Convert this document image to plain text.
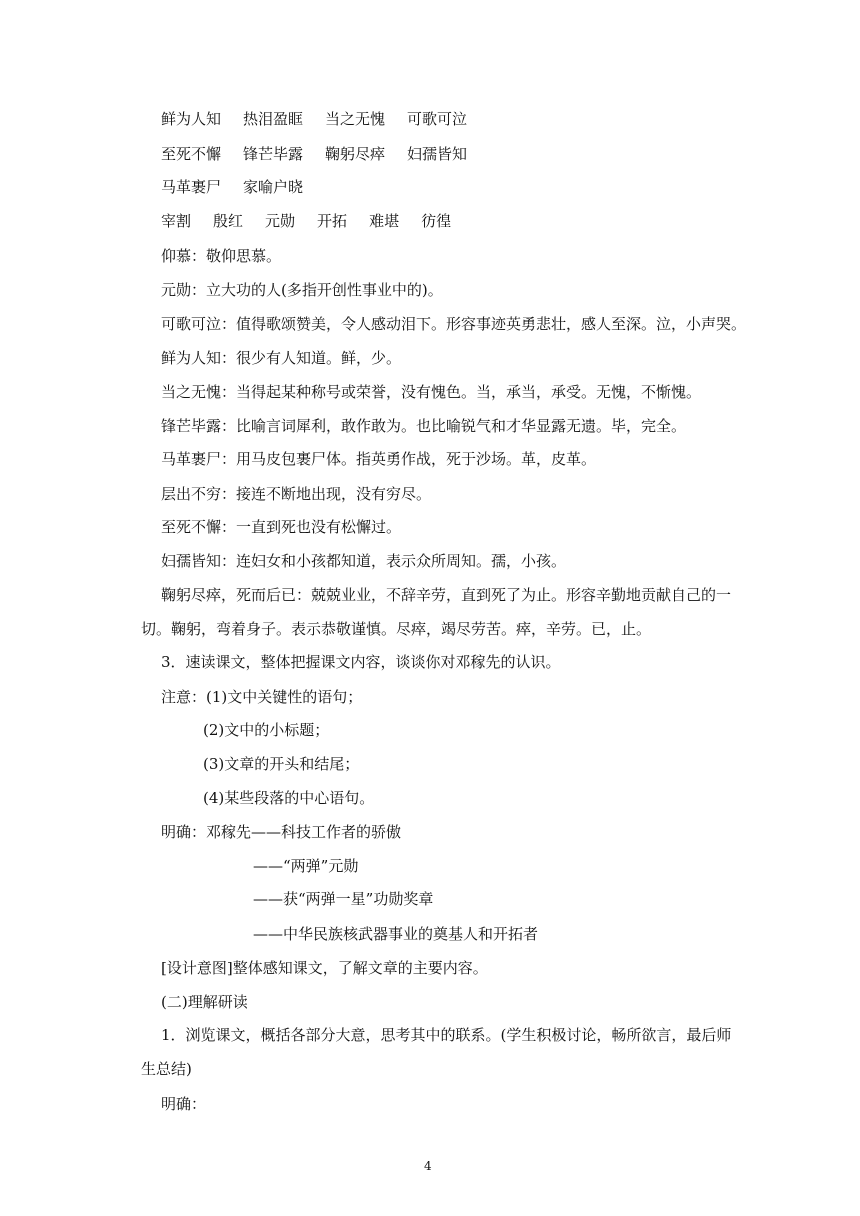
鲜为人知 热泪盈眶 当之无愧 可歌可泣
至死不懈 锋芒毕露 鞠躬尽瘁 妇孺皆知
马革裹尸 家喻户晓
宰割 殷红 元勋 开拓 难堪 彷徨
仰慕：敬仰思慕。
元勋：立大功的人(多指开创性事业中的)。
可歌可泣：值得歌颂赞美，令人感动泪下。形容事迹英勇悲壮，感人至深。泣，小声哭。
鲜为人知：很少有人知道。鲜，少。
当之无愧：当得起某种称号或荣誉，没有愧色。当，承当，承受。无愧，不惭愧。
锋芒毕露：比喻言词犀利，敢作敢为。也比喻锐气和才华显露无遗。毕，完全。
马革裹尸：用马皮包裹尸体。指英勇作战，死于沙场。革，皮革。
层出不穷：接连不断地出现，没有穷尽。
至死不懈：一直到死也没有松懈过。
妇孺皆知：连妇女和小孩都知道，表示众所周知。孺，小孩。
鞠躬尽瘁，死而后已：兢兢业业，不辞辛劳，直到死了为止。形容辛勤地贡献自己的一
切。鞠躬，弯着身子。表示恭敬谨慎。尽瘁，竭尽劳苦。瘁，辛劳。已，止。
3．速读课文，整体把握课文内容，谈谈你对邓稼先的认识。
注意：(1)文中关键性的语句；
(2)文中的小标题；
(3)文章的开头和结尾；
(4)某些段落的中心语句。
明确：邓稼先——科技工作者的骄傲
——“两弹”元勋
——获“两弹一星”功勋奖章
——中华民族核武器事业的奠基人和开拓者
[设计意图]整体感知课文，了解文章的主要内容。
(二)理解研读
1．浏览课文，概括各部分大意，思考其中的联系。(学生积极讨论，畅所欲言，最后师
生总结)
明确：
4
